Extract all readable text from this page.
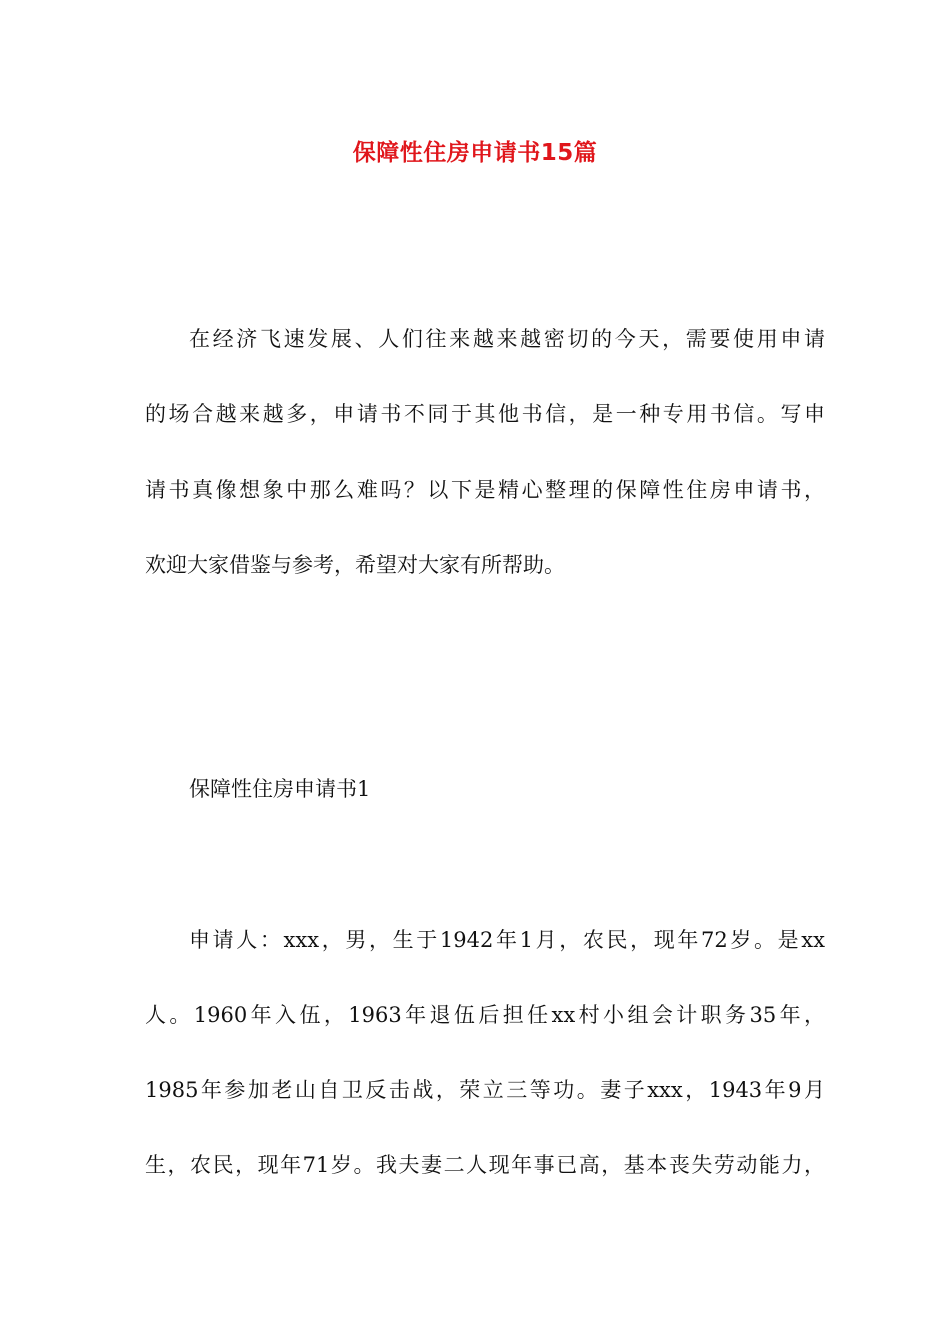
保障性住房申请书15篇
在经济飞速发展、人们往来越来越密切的今天，需要使用申请
的场合越来越多，申请书不同于其他书信，是一种专用书信。写申
请书真像想象中那么难吗？以下是精心整理的保障性住房申请书，
欢迎大家借鉴与参考，希望对大家有所帮助。
保障性住房申请书1
申请人：xxx，男，生于1942年1月，农民，现年72岁。是xx
人。1960年入伍，1963年退伍后担任xx村小组会计职务35年，
1985年参加老山自卫反击战，荣立三等功。妻子xxx，1943年9月
生，农民，现年71岁。我夫妻二人现年事已高，基本丧失劳动能力，
